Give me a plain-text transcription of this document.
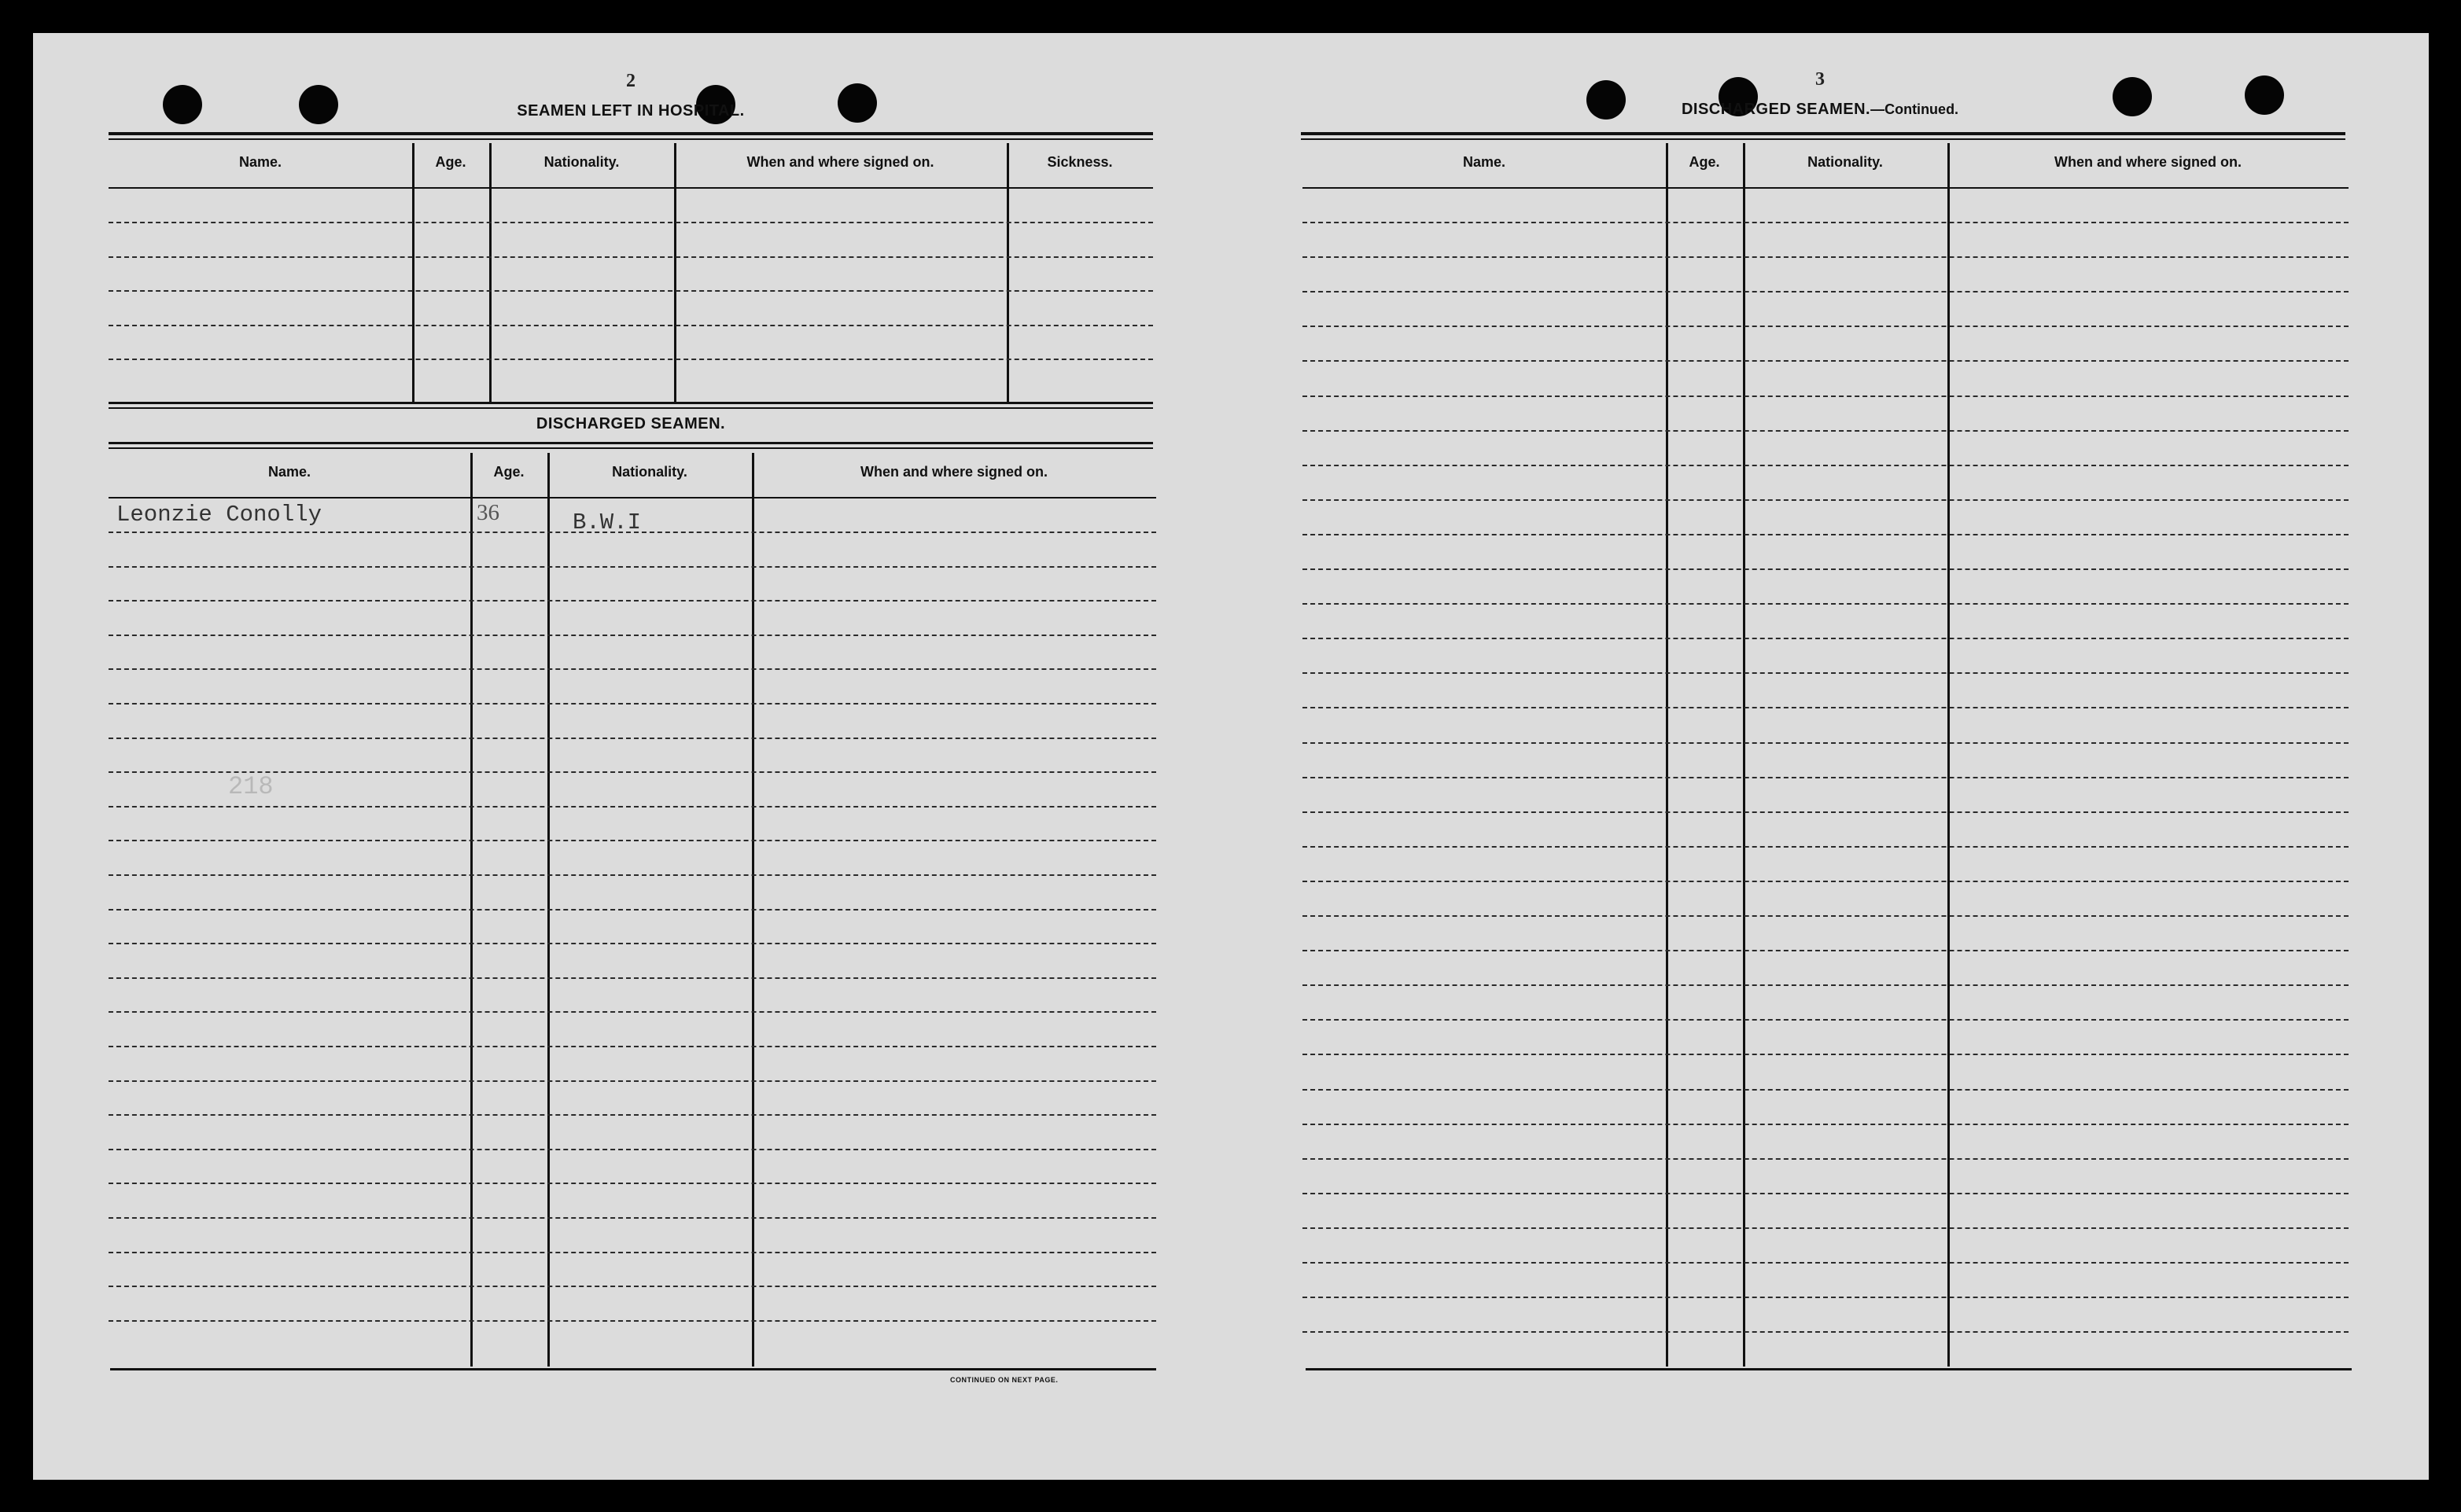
2
SEAMEN LEFT IN HOSPITAL.
Name.	Age.	Nationality.	When and where signed on.	Sickness.
DISCHARGED SEAMEN.
Name.	Age.	Nationality.	When and where signed on.
Leonzie Conolly	36	B.W.I
218
CONTINUED ON NEXT PAGE.
3
DISCHARGED SEAMEN.—Continued.
Name.	Age.	Nationality.	When and where signed on.
